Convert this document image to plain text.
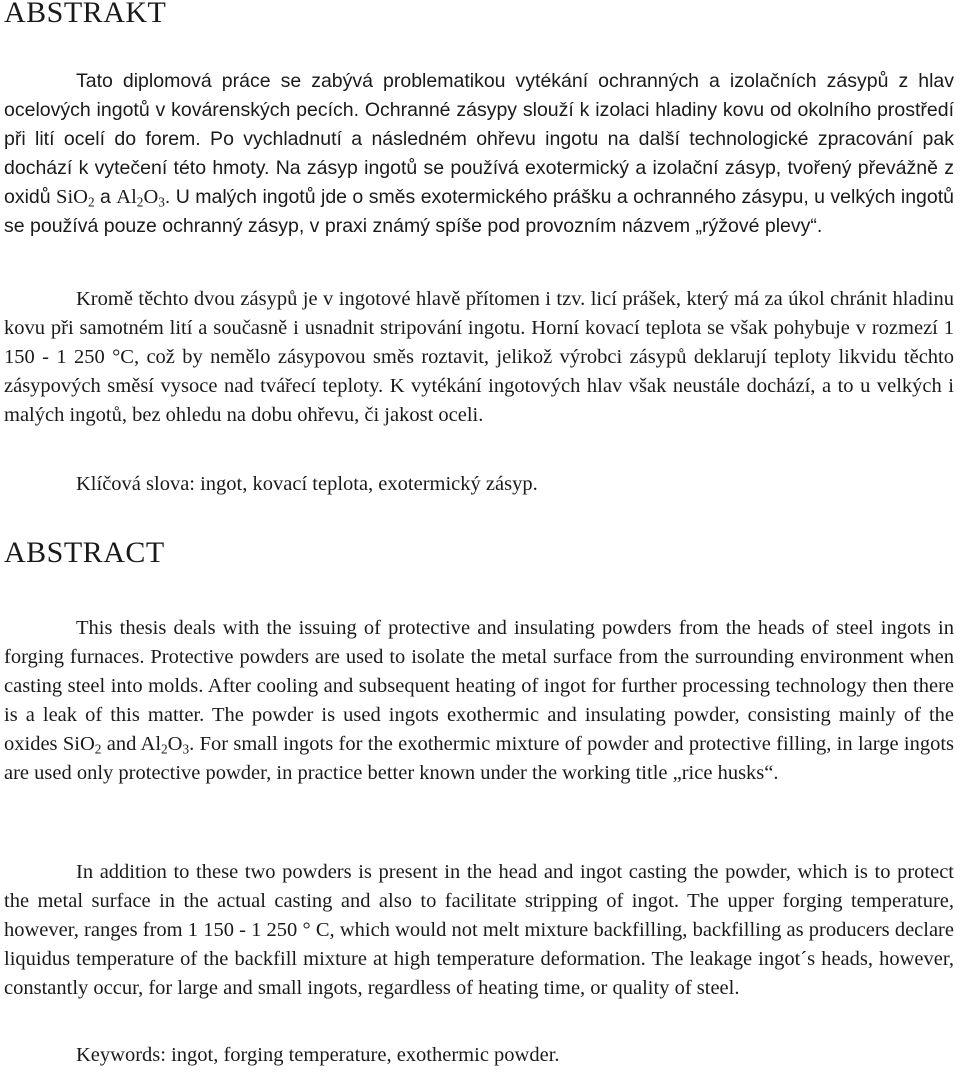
ABSTRAKT

Tato diplomová práce se zabývá problematikou vytékání ochranných a izolačních zásypů z hlav ocelových ingotů v kovárenských pecích. Ochranné zásypy slouží k izolaci hladiny kovu od okolního prostředí při lití ocelí do forem. Po vychladnutí a následném ohřevu ingotu na další technologické zpracování pak dochází k vytečení této hmoty. Na zásyp ingotů se používá exotermický a izolační zásyp, tvořený převážně z oxidů SiO$_2$ a $Al_2O_3$. U malých ingotů jde o směs exotermického prášku a ochranného zásypu, u velkých ingotů se používá pouze ochranný zásyp, v praxi známý spíše pod provozním názvem „rýžové plevy“.

Kromě těchto dvou zásypů je v ingotové hlavě přítomen i tzv. licí prášek, který má za úkol chránit hladinu kovu při samotném lití a současně i usnadnit stripování ingotu. Horní kovací teplota se však pohybuje v rozmezí 1 150 - 1 250 °C, což by nemělo zásypovou směs roztavit, jelikož výrobci zásypů deklarují teploty likvidu těchto zásypových směsí vysoce nad tvářecí teploty. K vytékání ingotových hlav však neustále dochází, a to u velkých i malých ingotů, bez ohledu na dobu ohřevu, či jakost oceli.

Klíčová slova: ingot, kovací teplota, exotermický zásyp.
ABSTRACT

This thesis deals with the issuing of protective and insulating powders from the heads of steel ingots in forging furnaces. Protective powders are used to isolate the metal surface from the surrounding environment when casting steel into molds. After cooling and subsequent heating of ingot for further processing technology then there is a leak of this matter. The powder is used ingots exothermic and insulating powder, consisting mainly of the oxides SiO$_2$ and $Al_2O_3$. For small ingots for the exothermic mixture of powder and protective filling, in large ingots are used only protective powder, in practice better known under the working title „rice husks“.

In addition to these two powders is present in the head and ingot casting the powder, which is to protect the metal surface in the actual casting and also to facilitate stripping of ingot. The upper forging temperature, however, ranges from 1 150 - 1 250 ° C, which would not melt mixture backfilling, backfilling as producers declare liquidus temperature of the backfill mixture at high temperature deformation. The leakage ingot´s heads, however, constantly occur, for large and small ingots, regardless of heating time, or quality of steel.

Keywords: ingot, forging temperature, exothermic powder.
